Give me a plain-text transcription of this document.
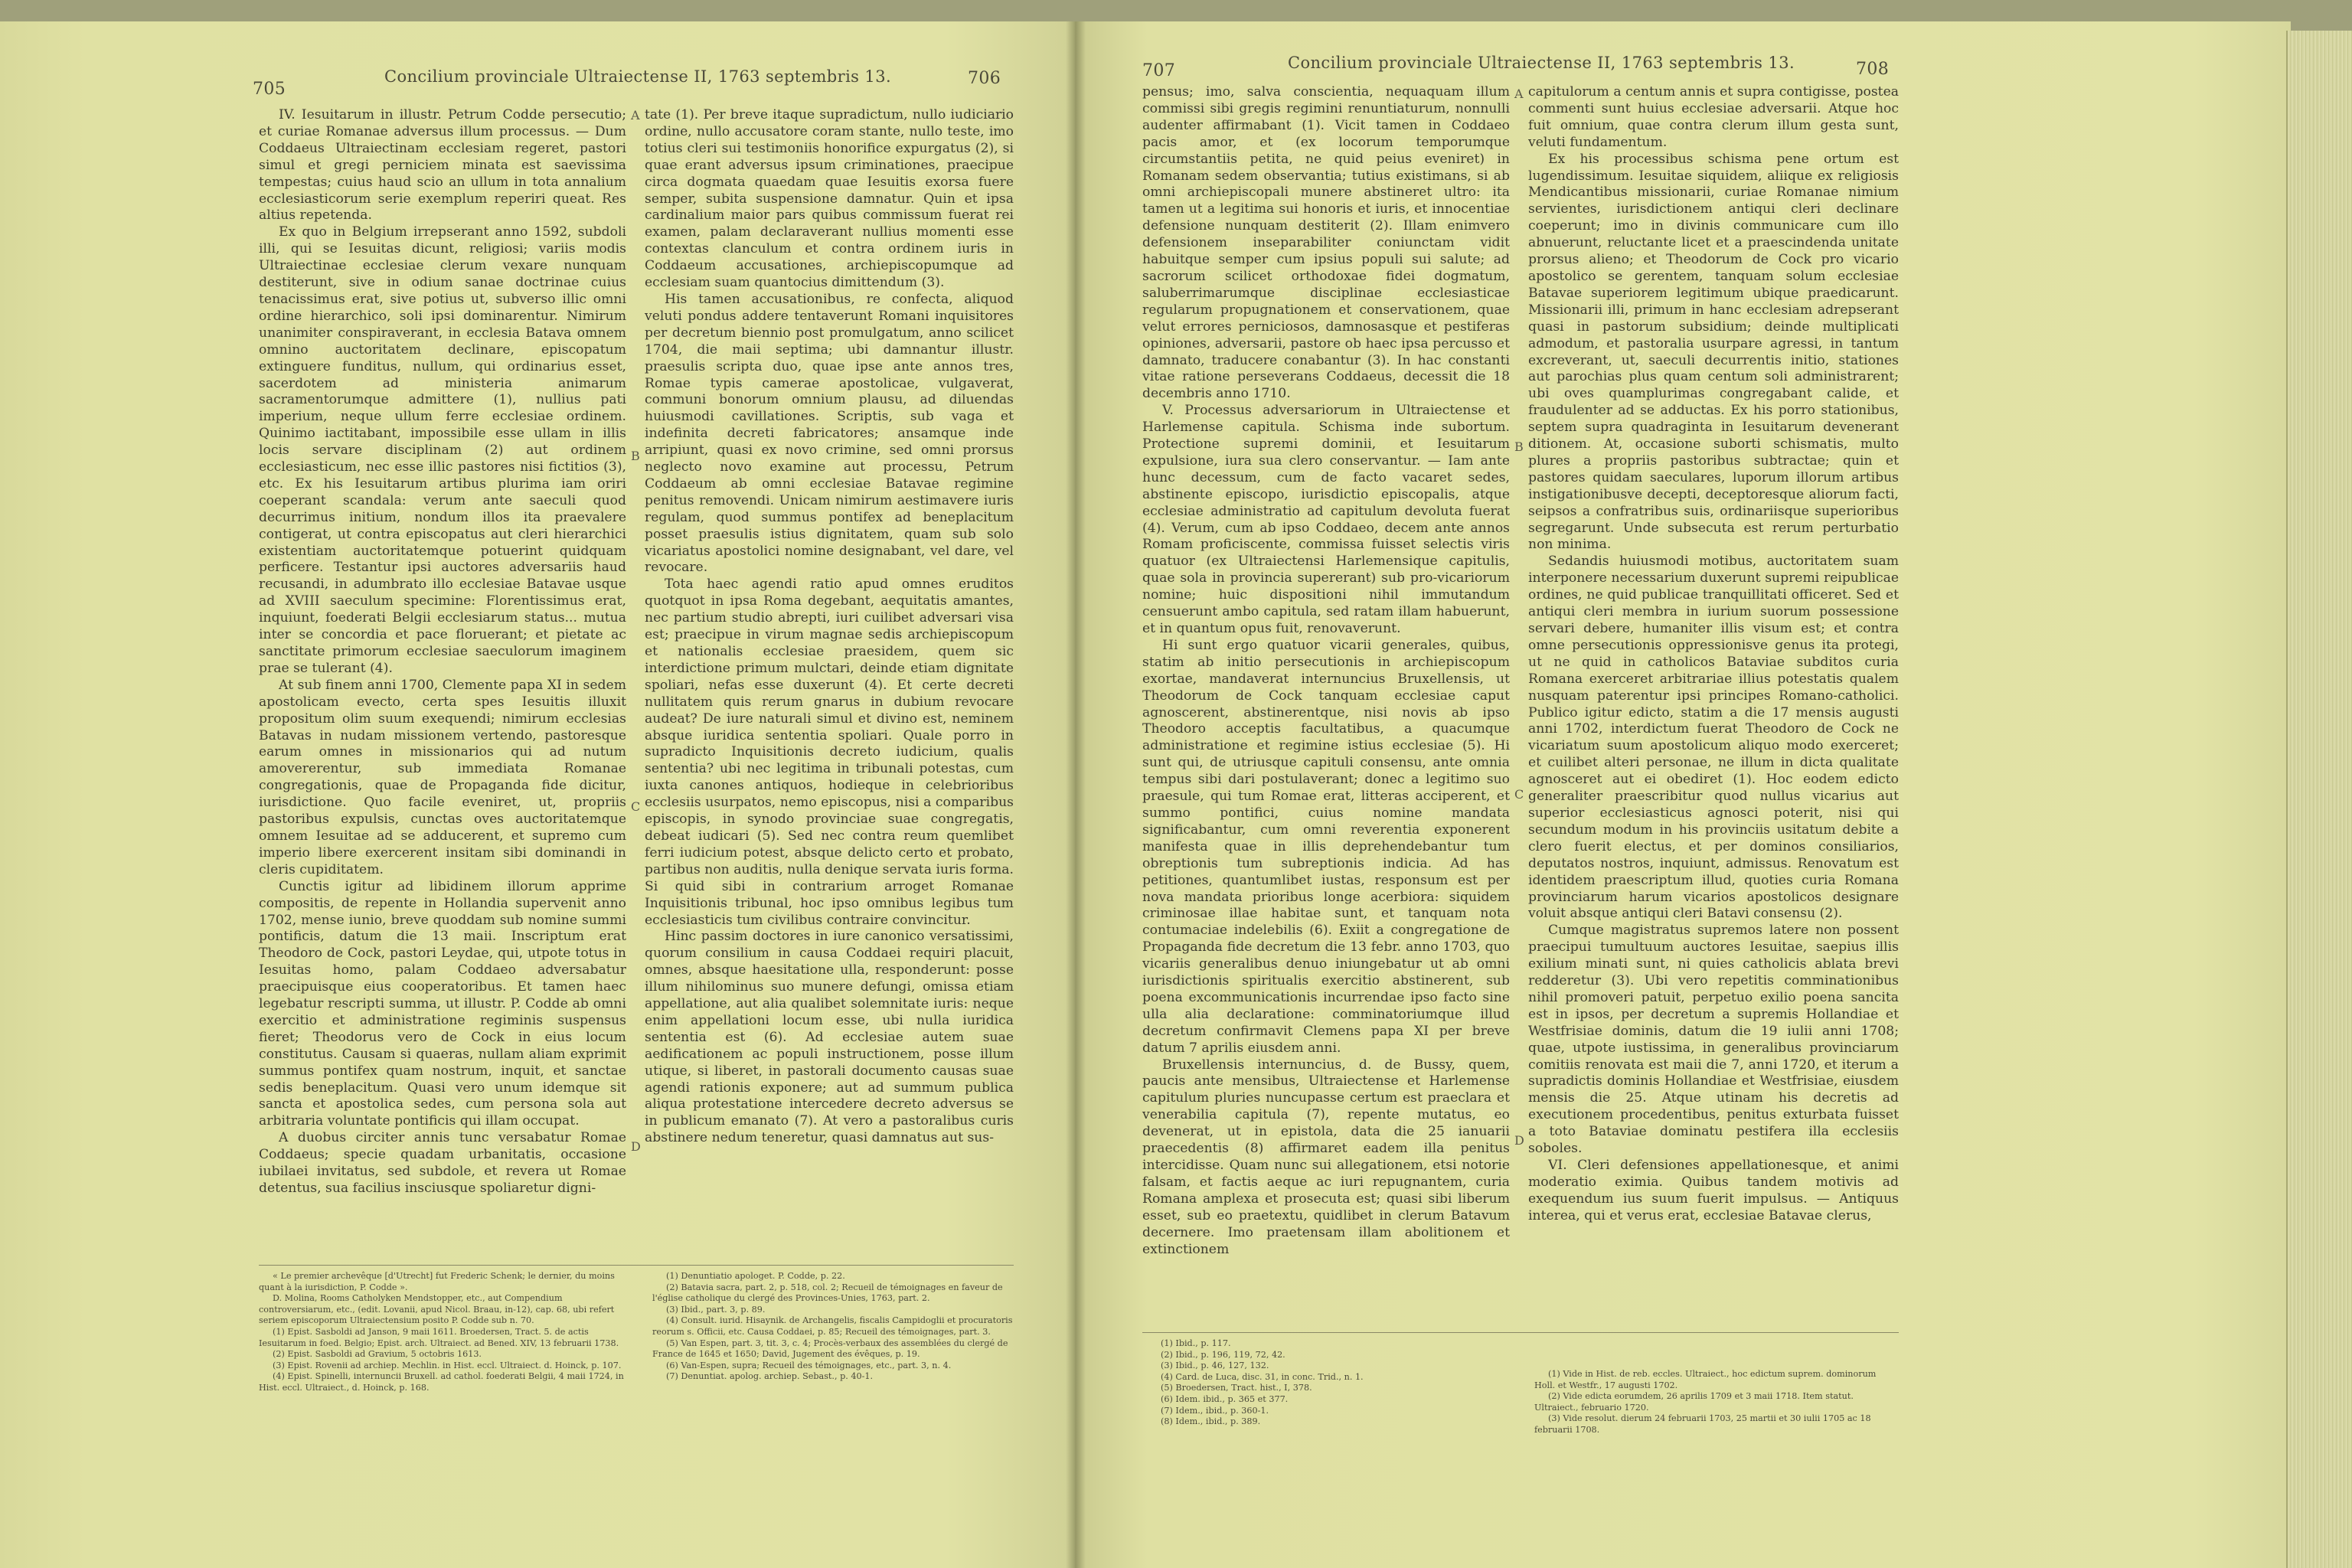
705
Concilium provinciale Ultraiectense II, 1763 septembris 13.	706

IV. Iesuitarum in illustr. Petrum Codde persecutio; et curiae Romanae adversus illum processus. — Dum Coddaeus Ultraiectinam ecclesiam regeret, pastori simul et gregi perniciem minata est saevissima tempestas; cuius haud scio an ullum in tota annalium ecclesiasticorum serie exemplum reperiri queat. Res altius repetenda.

Ex quo in Belgium irrepserant anno 1592, subdoli illi, qui se Iesuitas dicunt, religiosi; variis modis Ultraiectinae ecclesiae clerum vexare nunquam destiterunt, sive in odium sanae doctrinae cuius tenacissimus erat, sive potius ut, subverso illic omni ordine hierarchico, soli ipsi dominarentur. Nimirum unanimiter conspiraverant, in ecclesia Batava omnem omnino auctoritatem declinare, episcopatum extinguere funditus, nullum, qui ordinarius esset, sacerdotem ad ministeria animarum sacramentorumque admittere (1), nullius pati imperium, neque ullum ferre ecclesiae ordinem. Quinimo iactitabant, impossibile esse ullam in illis locis servare disciplinam (2) aut ordinem ecclesiasticum, nec esse illic pastores nisi fictitios (3), etc. Ex his Iesuitarum artibus plurima iam oriri coeperant scandala: verum ante saeculi quod decurrimus initium, nondum illos ita praevalere contigerat, ut contra episcopatus aut cleri hierarchici existentiam auctoritatemque potuerint quidquam perficere. Testantur ipsi auctores adversariis haud recusandi, in adumbrato illo ecclesiae Batavae usque ad XVIII saeculum specimine: Florentissimus erat, inquiunt, foederati Belgii ecclesiarum status... mutua inter se concordia et pace floruerant; et pietate ac sanctitate primorum ecclesiae saeculorum imaginem prae se tulerant (4).

At sub finem anni 1700, Clemente papa XI in sedem apostolicam evecto, certa spes Iesuitis illuxit propositum olim suum exequendi; nimirum ecclesias Batavas in nudam missionem vertendo, pastoresque earum omnes in missionarios qui ad nutum amovererentur, sub immediata Romanae congregationis, quae de Propaganda fide dicitur, iurisdictione. Quo facile eveniret, ut, propriis pastoribus expulsis, cunctas oves auctoritatemque omnem Iesuitae ad se adducerent, et supremo cum imperio libere exercerent insitam sibi dominandi in cleris cupiditatem.

Cunctis igitur ad libidinem illorum apprime compositis, de repente in Hollandia supervenit anno 1702, mense iunio, breve quoddam sub nomine summi pontificis, datum die 13 maii. Inscriptum erat Theodoro de Cock, pastori Leydae, qui, utpote totus in Iesuitas homo, palam Coddaeo adversabatur praecipuisque eius cooperatoribus. Et tamen haec legebatur rescripti summa, ut illustr. P. Codde ab omni exercitio et administratione regiminis suspensus fieret; Theodorus vero de Cock in eius locum constitutus. Causam si quaeras, nullam aliam exprimit summus pontifex quam nostrum, inquit, et sanctae sedis beneplacitum. Quasi vero unum idemque sit sancta et apostolica sedes, cum persona sola aut arbitraria voluntate pontificis qui illam occupat.

A duobus circiter annis tunc versabatur Romae Coddaeus; specie quadam urbanitatis, occasione iubilaei invitatus, sed subdole, et revera ut Romae detentus, sua facilius insciusque spoliaretur digni-

A
B
C
D

tate (1). Per breve itaque supradictum, nullo iudiciario ordine, nullo accusatore coram stante, nullo teste, imo totius cleri sui testimoniis honorifice expurgatus (2), si quae erant adversus ipsum criminationes, praecipue circa dogmata quaedam quae Iesuitis exorsa fuere semper, subita suspensione damnatur. Quin et ipsa cardinalium maior pars quibus commissum fuerat rei examen, palam declaraverant nullius momenti esse contextas clanculum et contra ordinem iuris in Coddaeum accusationes, archiepiscopumque ad ecclesiam suam quantocius dimittendum (3).

His tamen accusationibus, re confecta, aliquod veluti pondus addere tentaverunt Romani inquisitores per decretum biennio post promulgatum, anno scilicet 1704, die maii septima; ubi damnantur illustr. praesulis scripta duo, quae ipse ante annos tres, Romae typis camerae apostolicae, vulgaverat, communi bonorum omnium plausu, ad diluendas huiusmodi cavillationes. Scriptis, sub vaga et indefinita decreti fabricatores; ansamque inde arripiunt, quasi ex novo crimine, sed omni prorsus neglecto novo examine aut processu, Petrum Coddaeum ab omni ecclesiae Batavae regimine penitus removendi. Unicam nimirum aestimavere iuris regulam, quod summus pontifex ad beneplacitum posset praesulis istius dignitatem, quam sub solo vicariatus apostolici nomine designabant, vel dare, vel revocare.

Tota haec agendi ratio apud omnes eruditos quotquot in ipsa Roma degebant, aequitatis amantes, nec partium studio abrepti, iuri cuilibet adversari visa est; praecipue in virum magnae sedis archiepiscopum et nationalis ecclesiae praesidem, quem sic interdictione primum mulctari, deinde etiam dignitate spoliari, nefas esse duxerunt (4). Et certe decreti nullitatem quis rerum gnarus in dubium revocare audeat? De iure naturali simul et divino est, neminem absque iuridica sententia spoliari. Quale porro in supradicto Inquisitionis decreto iudicium, qualis sententia? ubi nec legitima in tribunali potestas, cum iuxta canones antiquos, hodieque in celebrioribus ecclesiis usurpatos, nemo episcopus, nisi a comparibus episcopis, in synodo provinciae suae congregatis, debeat iudicari (5). Sed nec contra reum quemlibet ferri iudicium potest, absque delicto certo et probato, partibus non auditis, nulla denique servata iuris forma. Si quid sibi in contrarium arroget Romanae Inquisitionis tribunal, hoc ipso omnibus legibus tum ecclesiasticis tum civilibus contraire convincitur.

Hinc passim doctores in iure canonico versatissimi, quorum consilium in causa Coddaei requiri placuit, omnes, absque haesitatione ulla, responderunt: posse illum nihilominus suo munere defungi, omissa etiam appellatione, aut alia qualibet solemnitate iuris: neque enim appellationi locum esse, ubi nulla iuridica sententia est (6). Ad ecclesiae autem suae aedificationem ac populi instructionem, posse illum utique, si liberet, in pastorali documento causas suae agendi rationis exponere; aut ad summum publica aliqua protestatione intercedere decreto adversus se in publicum emanato (7). At vero a pastoralibus curis abstinere nedum teneretur, quasi damnatus aut sus-

« Le premier archevêque [d'Utrecht] fut Frederic Schenk; le dernier, du moins quant à la iurisdiction, P. Codde ».

D. Molina, Rooms Catholyken Mendstopper, etc., aut Compendium controversiarum, etc., (edit. Lovanii, apud Nicol. Braau, in-12), cap. 68, ubi refert seriem episcoporum Ultraiectensium posito P. Codde sub n. 70.

(1) Epist. Sasboldi ad Janson, 9 maii 1611. Broedersen, Tract. 5. de actis Iesuitarum in foed. Belgio; Epist. arch. Ultraiect. ad Bened. XIV, 13 februarii 1738.

(2) Epist. Sasboldi ad Gravium, 5 octobris 1613.

(3) Epist. Rovenii ad archiep. Mechlin. in Hist. eccl. Ultraiect. d. Hoinck, p. 107.

(4) Epist. Spinelli, internuncii Bruxell. ad cathol. foederati Belgii, 4 maii 1724, in Hist. eccl. Ultraiect., d. Hoinck, p. 168.

(1) Denuntiatio apologet. P. Codde, p. 22.

(2) Batavia sacra, part. 2, p. 518, col. 2; Recueil de témoignages en faveur de l'église catholique du clergé des Provinces-Unies, 1763, part. 2.

(3) Ibid., part. 3, p. 89.

(4) Consult. iurid. Hisaynik. de Archangelis, fiscalis Campidoglii et procuratoris reorum s. Officii, etc. Causa Coddaei, p. 85; Recueil des témoignages, part. 3.

(5) Van Espen, part. 3, tit. 3, c. 4; Procès-verbaux des assemblées du clergé de France de 1645 et 1650; David, Jugement des évêques, p. 19.

(6) Van-Espen, supra; Recueil des témoignages, etc., part. 3, n. 4.

(7) Denuntiat. apolog. archiep. Sebast., p. 40-1.

707	Concilium provinciale Ultraiectense II, 1763 septembris 13.	708

pensus; imo, salva conscientia, nequaquam illum commissi sibi gregis regimini renuntiaturum, nonnulli audenter affirmabant (1). Vicit tamen in Coddaeo pacis amor, et (ex locorum temporumque circumstantiis petita, ne quid peius eveniret) in Romanam sedem observantia; tutius existimans, si ab omni archiepiscopali munere abstineret ultro: ita tamen ut a legitima sui honoris et iuris, et innocentiae defensione nunquam destiterit (2). Illam enimvero defensionem inseparabiliter coniunctam vidit habuitque semper cum ipsius populi sui salute; ad sacrorum scilicet orthodoxae fidei dogmatum, saluberrimarumque disciplinae ecclesiasticae regularum propugnationem et conservationem, quae velut errores perniciosos, damnosasque et pestiferas opiniones, adversarii, pastore ob haec ipsa percusso et damnato, traducere conabantur (3). In hac constanti vitae ratione perseverans Coddaeus, decessit die 18 decembris anno 1710.

V. Processus adversariorum in Ultraiectense et Harlemense capitula. Schisma inde subortum. Protectione supremi dominii, et Iesuitarum expulsione, iura sua clero conservantur. — Iam ante hunc decessum, cum de facto vacaret sedes, abstinente episcopo, iurisdictio episcopalis, atque ecclesiae administratio ad capitulum devoluta fuerat (4). Verum, cum ab ipso Coddaeo, decem ante annos Romam proficiscente, commissa fuisset selectis viris quatuor (ex Ultraiectensi Harlemensique capitulis, quae sola in provincia supererant) sub pro-vicariorum nomine; huic dispositioni nihil immutandum censuerunt ambo capitula, sed ratam illam habuerunt, et in quantum opus fuit, renovaverunt.

Hi sunt ergo quatuor vicarii generales, quibus, statim ab initio persecutionis in archiepiscopum exortae, mandaverat internuncius Bruxellensis, ut Theodorum de Cock tanquam ecclesiae caput agnoscerent, abstinerentque, nisi novis ab ipso Theodoro acceptis facultatibus, a quacumque administratione et regimine istius ecclesiae (5). Hi sunt qui, de utriusque capituli consensu, ante omnia tempus sibi dari postulaverant; donec a legitimo suo praesule, qui tum Romae erat, litteras acciperent, et summo pontifici, cuius nomine mandata significabantur, cum omni reverentia exponerent manifesta quae in illis deprehendebantur tum obreptionis tum subreptionis indicia. Ad has petitiones, quantumlibet iustas, responsum est per nova mandata prioribus longe acerbiora: siquidem criminosae illae habitae sunt, et tanquam nota contumaciae indelebilis (6). Exiit a congregatione de Propaganda fide decretum die 13 febr. anno 1703, quo vicariis generalibus denuo iniungebatur ut ab omni iurisdictionis spiritualis exercitio abstinerent, sub poena excommunicationis incurrendae ipso facto sine ulla alia declaratione: comminatoriumque illud decretum confirmavit Clemens papa XI per breve datum 7 aprilis eiusdem anni.

Bruxellensis internuncius, d. de Bussy, quem, paucis ante mensibus, Ultraiectense et Harlemense capitulum pluries nuncupasse certum est praeclara et venerabilia capitula (7), repente mutatus, eo devenerat, ut in epistola, data die 25 ianuarii praecedentis (8) affirmaret eadem illa penitus intercidisse. Quam nunc sui allegationem, etsi notorie falsam, et factis aeque ac iuri repugnantem, curia Romana amplexa et prosecuta est; quasi sibi liberum esset, sub eo praetextu, quidlibet in clerum Batavum decernere. Imo praetensam illam abolitionem et extinctionem

A
B
C
D

capitulorum a centum annis et supra contigisse, postea commenti sunt huius ecclesiae adversarii. Atque hoc fuit omnium, quae contra clerum illum gesta sunt, veluti fundamentum.

Ex his processibus schisma pene ortum est lugendissimum. Iesuitae siquidem, aliique ex religiosis Mendicantibus missionarii, curiae Romanae nimium servientes, iurisdictionem antiqui cleri declinare coeperunt; imo in divinis communicare cum illo abnuerunt, reluctante licet et a praescindenda unitate prorsus alieno; et Theodorum de Cock pro vicario apostolico se gerentem, tanquam solum ecclesiae Batavae superiorem legitimum ubique praedicarunt. Missionarii illi, primum in hanc ecclesiam adrepserant quasi in pastorum subsidium; deinde multiplicati admodum, et pastoralia usurpare agressi, in tantum excreverant, ut, saeculi decurrentis initio, stationes aut parochias plus quam centum soli administrarent; ubi oves quamplurimas congregabant calide, et fraudulenter ad se adductas. Ex his porro stationibus, septem supra quadraginta in Iesuitarum devenerant ditionem. At, occasione suborti schismatis, multo plures a propriis pastoribus subtractae; quin et pastores quidam saeculares, luporum illorum artibus instigationibusve decepti, deceptoresque aliorum facti, seipsos a confratribus suis, ordinariisque superioribus segregarunt. Unde subsecuta est rerum perturbatio non minima.

Sedandis huiusmodi motibus, auctoritatem suam interponere necessarium duxerunt supremi reipublicae ordines, ne quid publicae tranquillitati officeret. Sed et antiqui cleri membra in iurium suorum possessione servari debere, humaniter illis visum est; et contra omne persecutionis oppressionisve genus ita protegi, ut ne quid in catholicos Bataviae subditos curia Romana exerceret arbitrariae illius potestatis qualem nusquam paterentur ipsi principes Romano-catholici. Publico igitur edicto, statim a die 17 mensis augusti anni 1702, interdictum fuerat Theodoro de Cock ne vicariatum suum apostolicum aliquo modo exerceret; et cuilibet alteri personae, ne illum in dicta qualitate agnosceret aut ei obediret (1). Hoc eodem edicto generaliter praescribitur quod nullus vicarius aut superior ecclesiasticus agnosci poterit, nisi qui secundum modum in his provinciis usitatum debite a clero fuerit electus, et per dominos consiliarios, deputatos nostros, inquiunt, admissus. Renovatum est identidem praescriptum illud, quoties curia Romana provinciarum harum vicarios apostolicos designare voluit absque antiqui cleri Batavi consensu (2).

Cumque magistratus supremos latere non possent praecipui tumultuum auctores Iesuitae, saepius illis exilium minati sunt, ni quies catholicis ablata brevi redderetur (3). Ubi vero repetitis comminationibus nihil promoveri patuit, perpetuo exilio poena sancita est in ipsos, per decretum a supremis Hollandiae et Westfrisiae dominis, datum die 19 iulii anni 1708; quae, utpote iustissima, in generalibus provinciarum comitiis renovata est maii die 7, anni 1720, et iterum a supradictis dominis Hollandiae et Westfrisiae, eiusdem mensis die 25. Atque utinam his decretis ad executionem procedentibus, penitus exturbata fuisset a toto Bataviae dominatu pestifera illa ecclesiis soboles.

VI. Cleri defensiones appellationesque, et animi moderatio eximia. Quibus tandem motivis ad exequendum ius suum fuerit impulsus. — Antiquus interea, qui et verus erat, ecclesiae Batavae clerus,

(1) Ibid., p. 117.

(2) Ibid., p. 196, 119, 72, 42.

(3) Ibid., p. 46, 127, 132.

(4) Card. de Luca, disc. 31, in conc. Trid., n. 1.

(5) Broedersen, Tract. hist., I, 378.

(6) Idem. ibid., p. 365 et 377.

(7) Idem., ibid., p. 360-1.

(8) Idem., ibid., p. 389.

(1) Vide in Hist. de reb. eccles. Ultraiect., hoc edictum suprem. dominorum Holl. et Westfr., 17 augusti 1702.

(2) Vide edicta eorumdem, 26 aprilis 1709 et 3 maii 1718. Item statut. Ultraiect., februario 1720.

(3) Vide resolut. dierum 24 februarii 1703, 25 martii et 30 iulii 1705 ac 18 februarii 1708.
